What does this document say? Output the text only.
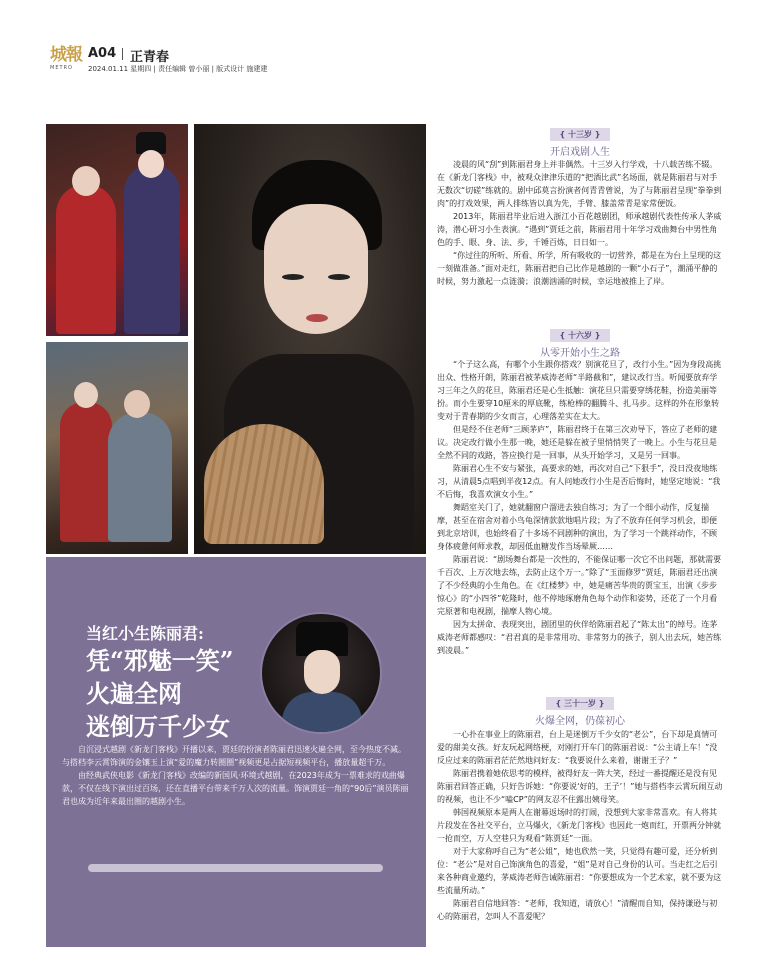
城報
METRO
A04 正青春
2024.01.11 星期四 | 责任编辑 曾小丽 | 版式设计 施建建
当红小生陈丽君:
凭“邪魅一笑”
火遍全网
迷倒万千少女

自沉浸式越剧《新龙门客栈》开播以来，贾廷的扮演者陈丽君迅速火遍全网，至今热度不减。与搭档李云霄饰演的金镶玉上演“爱的魔力转圈圈”视频更是占据短视频平台，播放量超千万。

由经典武侠电影《新龙门客栈》改编的新国风·环境式越剧，在2023年成为一票难求的戏曲爆款，不仅在线下演出过百场，还在直播平台带来千万人次的流量。饰演贾廷一角的“90后”演员陈丽君也成为近年来最出圈的越剧小生。

{ 十三岁 }
开启戏剧人生

凌晨的风“刮”到陈丽君身上并非偶然。十三岁入行学戏，十八载苦练不辍。在《新龙门客栈》中，被观众津津乐道的“把酒比武”名场面，就是陈丽君与对手无数次“切磋”练就的。剧中邱莫言扮演者何青青曾说，为了与陈丽君呈现“拳拳到肉”的打戏效果，两人排练皆以真为先，手臂、膝盖常青是家常便饭。

2013年，陈丽君毕业后进入浙江小百花越剧团，师承越剧代表性传承人茅威涛，潜心研习小生表演。“遇到”贾廷之前，陈丽君用十年学习戏曲舞台中男性角色的手、眼、身、法、步，千锤百炼，日日如一。

“你过往的所听、所看、所学，所有吸收的一切营养，都是在为台上呈现的这一刻做准备。”面对走红，陈丽君把自己比作是越剧的一颗“小石子”，潮涌平静的时候，努力激起一点涟漪；浪潮汹涌的时候，幸运地被推上了岸。

{ 十六岁 }
从零开始小生之路

“个子这么高，有哪个小生跟你搭戏？别演花旦了，改行小生。”因为身段高挑出众、性格开朗，陈丽君被茅威涛老师“半路截和”，建议改行当。听闻要放弃学习三年之久的花旦，陈丽君还是心生抵触：演花旦只需要穿绣花鞋，扮造美丽等扮。而小生要穿10厘米的厚底靴，练枪棒的翻腾斗、扎马步。这样的外在形象转变对于青春期的少女而言，心理落差实在太大。

但是经不住老师“三顾茅庐”，陈丽君终于在第三次劝导下，答应了老师的建议。决定改行做小生那一晚，她还是躲在被子里悄悄哭了一晚上。小生与花旦是全然不同的戏路，答应换行是一回事，从头开始学习，又是另一回事。

陈丽君心生不安与紧张，高要求的她，再次对自己“下狠手”，没日没夜地练习，从清晨5点唱到半夜12点。有人问她改行小生是否后悔时，她坚定地说：“我不后悔，我喜欢演女小生。”

舞蹈室关门了，她就翻窗户溜进去独自练习；为了一个细小动作，反复揣摩，甚至在宿舍对着小鸟龟深情款款地唱片段；为了不放弃任何学习机会，即便到北京培训，也始终看了十多场不同剧种的演出，为了学习一个跳祥动作，不顾身体疲惫何师求教，却因低血糖发作当场晕厥……

陈丽君说：“剧场舞台都是一次性的，不能保证哪一次它不出问题，那就需要千百次、上万次地去练，去防止这个万一。”除了“玉面修罗”贾廷，陈丽君还出演了不少经典的小生角色。在《红楼梦》中，她是痛苦华贵的贾宝玉，出演《步步惊心》的“小四爷”乾隆时，他不停地琢磨角色每个动作和姿势，还花了一个月看完原著和电视剧，揣摩人物心境。

因为太拼命、表现突出，剧团里的伙伴给陈丽君起了“陈太出”的绰号。连茅威涛老师都感叹：“君君真的是非常用功、非常努力的孩子，别人出去玩，她苦练到凌晨。”

{ 三十一岁 }
火爆全网，仍葆初心

一心扑在事业上的陈丽君，台上是迷倒万千少女的“老公”，台下却是真情可爱的甜美女孩。好友玩起网络梗，对刚打开车门的陈丽君说：“公主请上车！”没反应过来的陈丽君茫茫然地问好友：“我要说什么来着，谢谢王子？”

陈丽君携着她依思考的模样，被得好友一阵大笑，经过一番提醒还是没有见陈丽君回答正确，只好告诉她：“你要说‘好的，王子’！”她与搭档李云霄玩闹互动的视频，也让不少“嗑CP”的网友忍不住露出姨母笑。

韩国视频原本是两人在谢幕返场时的打闹，没想到大家非常喜欢。有人将其片段发在各社交平台，立马爆火，《新龙门客栈》也因此一炮而红，开票两分钟就一抢而空，万人空巷只为观看“陈贾廷”一面。

对于大家称呼自己为“老公姐”，她也欣然一笑，只觉得有趣可爱，还分析到位：“老公”是对自己饰演角色的喜爱，“姐”是对自己身份的认可。当走红之后引来各种商业邀约，茅威涛老师告诫陈丽君：“你要想成为一个艺术家，就不要为这些流量所动。”

陈丽君自信地回答：“老师，我知道，请放心！”清醒而自知，保持谦逊与初心的陈丽君，怎叫人不喜爱呢？
